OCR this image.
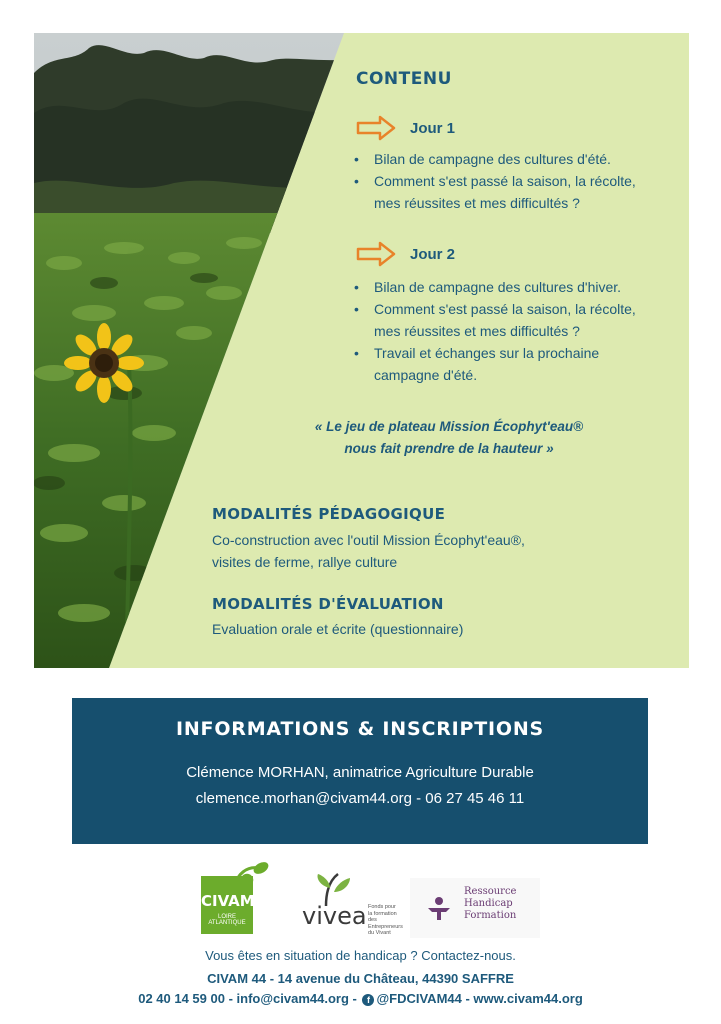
CONTENU
Jour 1
• Bilan de campagne des cultures d'été.
• Comment s'est passé la saison, la récolte,
mes réussites et mes difficultés ?
Jour 2
• Bilan de campagne des cultures d'hiver.
• Comment s'est passé la saison, la récolte,
mes réussites et mes difficultés ?
• Travail et échanges sur la prochaine
campagne d'été.
« Le jeu de plateau Mission Écophyt'eau®
nous fait prendre de la hauteur »
MODALITÉS PÉDAGOGIQUE
Co-construction avec l'outil Mission Écophyt'eau®,
visites de ferme, rallye culture
MODALITÉS D'ÉVALUATION
Evaluation orale et écrite (questionnaire)
INFORMATIONS & INSCRIPTIONS
Clémence MORHAN, animatrice Agriculture Durable
clemence.morhan@civam44.org - 06 27 45 46 11
CIVAM
LOIRE
ATLANTIQUE	vivea Fonds pour
la formation
des Entrepreneurs
du Vivant
Ressource
Handicap
Formation
Vous êtes en situation de handicap ? Contactez-nous.
CIVAM 44 - 14 avenue du Château, 44390 SAFFRE
02 40 14 59 00 - info@civam44.org - f @FDCIVAM44 - www.civam44.org
